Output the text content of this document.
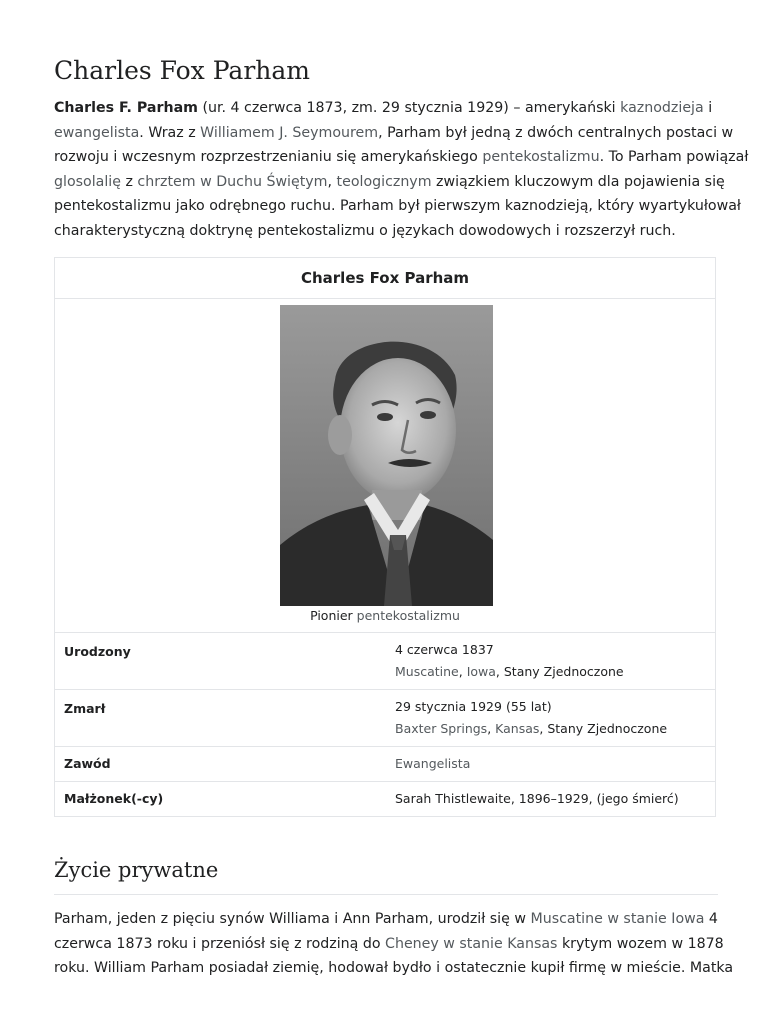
Charles Fox Parham

Charles F. Parham (ur. 4 czerwca 1873, zm. 29 stycznia 1929) – amerykański kaznodzieja i
ewangelista. Wraz z Williamem J. Seymourem, Parham był jedną z dwóch centralnych postaci w
rozwoju i wczesnym rozprzestrzenianiu się amerykańskiego pentekostalizmu. To Parham powiązał
glosolalię z chrztem w Duchu Świętym, teologicznym związkiem kluczowym dla pojawienia się
pentekostalizmu jako odrębnego ruchu. Parham był pierwszym kaznodzieją, który wyartykułował
charakterystyczną doktrynę pentekostalizmu o językach dowodowych i rozszerzył ruch.

Charles Fox Parham
Pionier pentekostalizmu
Urodzony	4 czerwca 1837
Muscatine, Iowa, Stany Zjednoczone
Zmarł	29 stycznia 1929 (55 lat)
Baxter Springs, Kansas, Stany Zjednoczone
Zawód	Ewangelista
Małżonek(-cy)	Sarah Thistlewaite, 1896–1929, (jego śmierć)
Życie prywatne
Parham, jeden z pięciu synów Williama i Ann Parham, urodził się w Muscatine w stanie Iowa 4
czerwca 1873 roku i przeniósł się z rodziną do Cheney w stanie Kansas krytym wozem w 1878
roku. William Parham posiadał ziemię, hodował bydło i ostatecznie kupił firmę w mieście. Matka
